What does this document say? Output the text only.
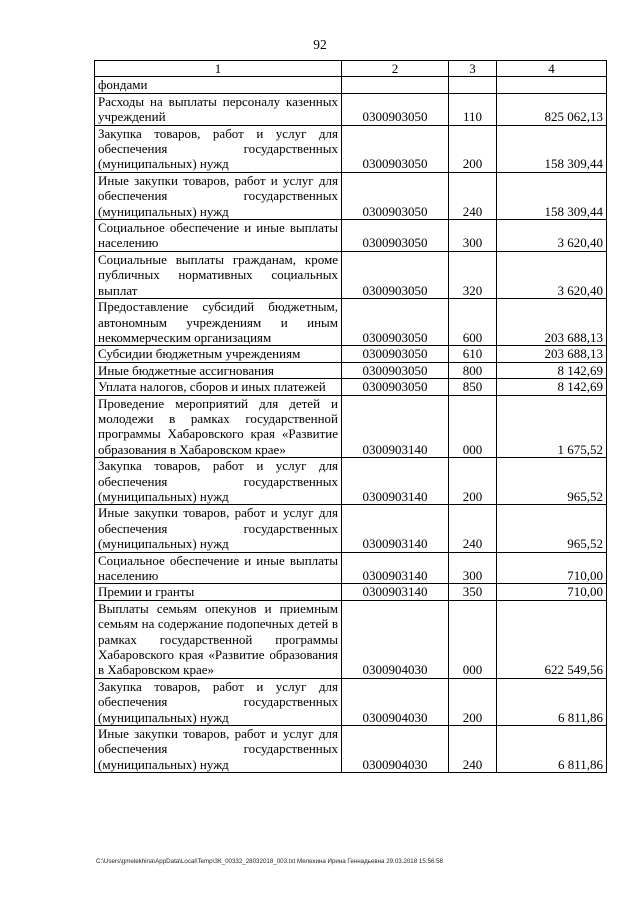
92
1	2	3	4
фондами			
Расходы на выплаты персоналу казенных учреждений	0300903050	110	825 062,13
Закупка товаров, работ и услуг для обеспечения государственных (муниципальных) нужд	0300903050	200	158 309,44
Иные закупки товаров, работ и услуг для обеспечения государственных (муниципальных) нужд	0300903050	240	158 309,44
Социальное обеспечение и иные выплаты населению	0300903050	300	3 620,40
Социальные выплаты гражданам, кроме публичных нормативных социальных выплат	0300903050	320	3 620,40
Предоставление субсидий бюджетным, автономным учреждениям и иным некоммерческим организациям	0300903050	600	203 688,13
Субсидии бюджетным учреждениям	0300903050	610	203 688,13
Иные бюджетные ассигнования	0300903050	800	8 142,69
Уплата налогов, сборов и иных платежей	0300903050	850	8 142,69
Проведение мероприятий для детей и молодежи в рамках государственной программы Хабаровского края «Развитие образования в Хабаровском крае»	0300903140	000	1 675,52
Закупка товаров, работ и услуг для обеспечения государственных (муниципальных) нужд	0300903140	200	965,52
Иные закупки товаров, работ и услуг для обеспечения государственных (муниципальных) нужд	0300903140	240	965,52
Социальное обеспечение и иные выплаты населению	0300903140	300	710,00
Премии и гранты	0300903140	350	710,00
Выплаты семьям опекунов и приемным семьям на содержание подопечных детей в рамках государственной программы Хабаровского края «Развитие образования в Хабаровском крае»	0300904030	000	622 549,56
Закупка товаров, работ и услуг для обеспечения государственных (муниципальных) нужд	0300904030	200	6 811,86
Иные закупки товаров, работ и услуг для обеспечения государственных (муниципальных) нужд	0300904030	240	6 811,86
C:\Users\gmelekhina\AppData\Local\Temp\ЗК_00332_28032018_003.txt Мелехина Ирина Геннадьевна 29.03.2018 15:56:58
